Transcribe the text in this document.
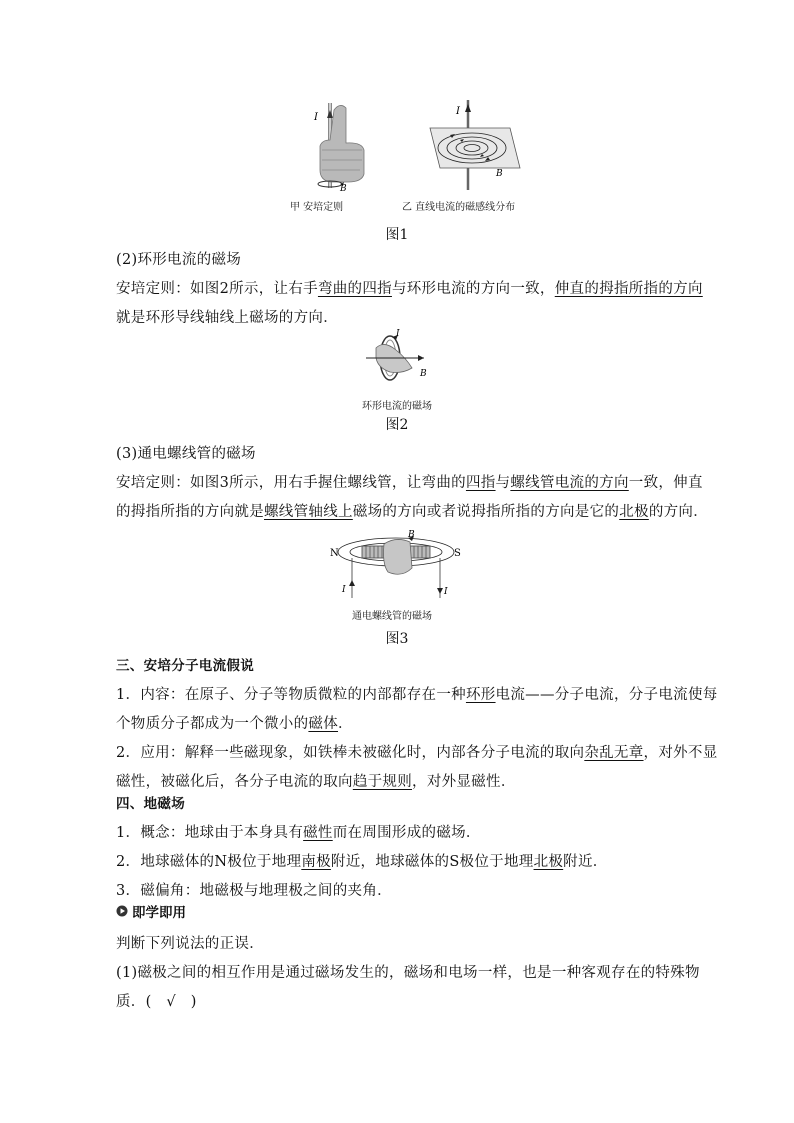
I
B
I
B
甲 安培定则	乙 直线电流的磁感线分布
图1
(2)环形电流的磁场
安培定则：如图2所示，让右手弯曲的四指与环形电流的方向一致，伸直的拇指所指的方向
就是环形导线轴线上磁场的方向．
I
B
环形电流的磁场
图2
(3)通电螺线管的磁场
安培定则：如图3所示，用右手握住螺线管，让弯曲的四指与螺线管电流的方向一致，伸直
的拇指所指的方向就是螺线管轴线上磁场的方向或者说拇指所指的方向是它的北极的方向．
N	S
B
I	I
通电螺线管的磁场
图3
三、安培分子电流假说
1．内容：在原子、分子等物质微粒的内部都存在一种环形电流——分子电流，分子电流使每
个物质分子都成为一个微小的磁体．
2．应用：解释一些磁现象，如铁棒未被磁化时，内部各分子电流的取向杂乱无章，对外不显
磁性，被磁化后，各分子电流的取向趋于规则，对外显磁性．
四、地磁场
1．概念：地球由于本身具有磁性而在周围形成的磁场．
2．地球磁体的N极位于地理南极附近，地球磁体的S极位于地理北极附近．
3．磁偏角：地磁极与地理极之间的夹角．
即学即用
判断下列说法的正误．
(1)磁极之间的相互作用是通过磁场发生的，磁场和电场一样，也是一种客观存在的特殊物
质．(　√　)
